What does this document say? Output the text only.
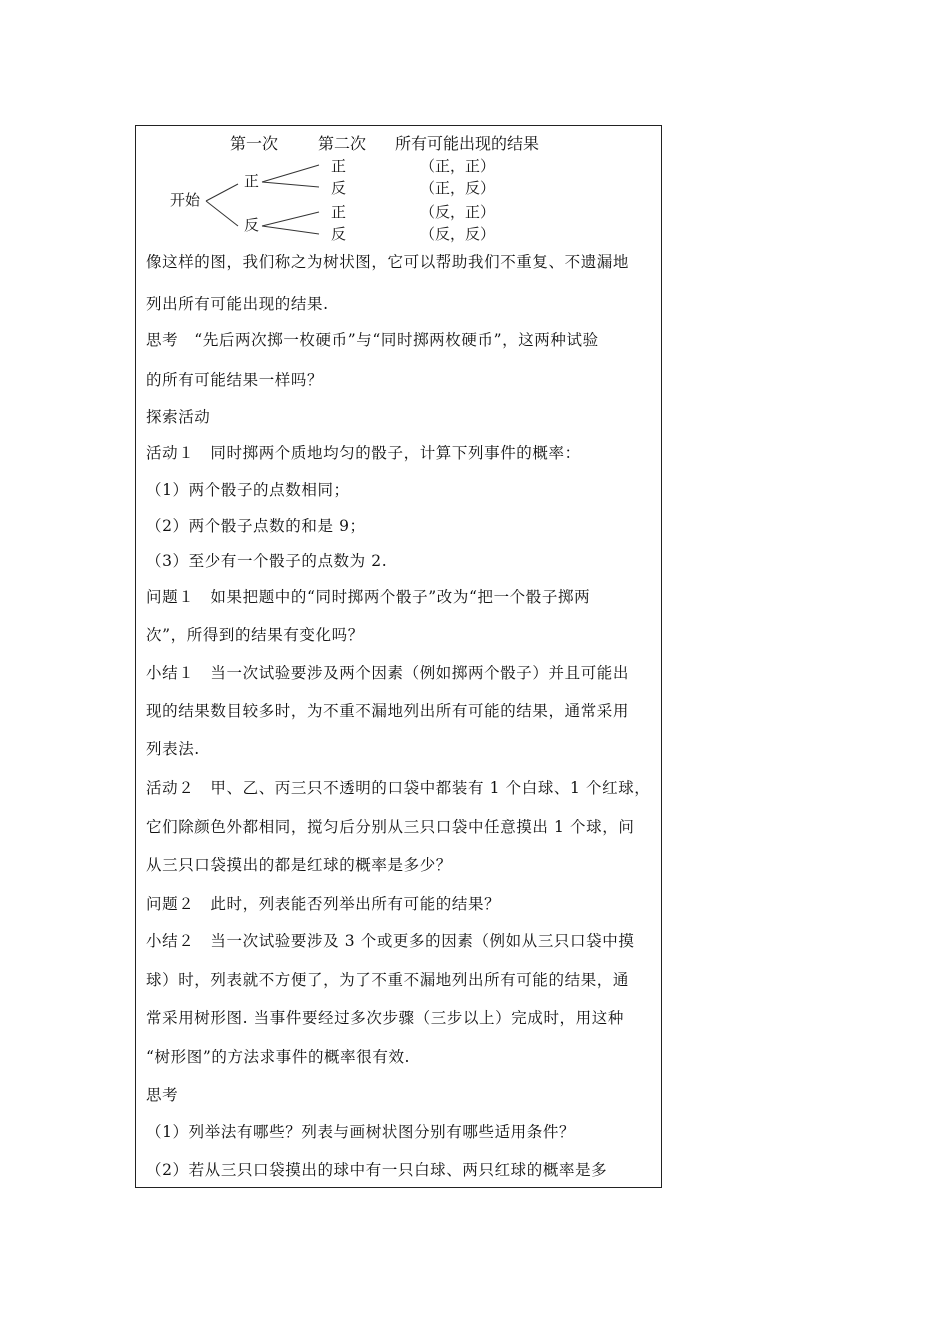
第一次 第二次 所有可能出现的结果
开始
正
反
正
反
正
反
（正，正）
（正，反）
（反，正）
（反，反）
像这样的图，我们称之为树状图，它可以帮助我们不重复、不遗漏地
列出所有可能出现的结果.
思考　“先后两次掷一枚硬币”与“同时掷两枚硬币”，这两种试验
的所有可能结果一样吗？
探索活动
活动１　同时掷两个质地均匀的骰子，计算下列事件的概率：
（1）两个骰子的点数相同；
（2）两个骰子点数的和是 9；
（3）至少有一个骰子的点数为 2.
问题１　如果把题中的“同时掷两个骰子”改为“把一个骰子掷两
次”，所得到的结果有变化吗？
小结１　当一次试验要涉及两个因素（例如掷两个骰子）并且可能出
现的结果数目较多时，为不重不漏地列出所有可能的结果，通常采用
列表法.
活动２　甲、乙、丙三只不透明的口袋中都装有 1 个白球、1 个红球，
它们除颜色外都相同，搅匀后分别从三只口袋中任意摸出 1 个球，问
从三只口袋摸出的都是红球的概率是多少？
问题２　此时，列表能否列举出所有可能的结果？
小结２　当一次试验要涉及 3 个或更多的因素（例如从三只口袋中摸
球）时，列表就不方便了，为了不重不漏地列出所有可能的结果，通
常采用树形图. 当事件要经过多次步骤（三步以上）完成时，用这种
“树形图”的方法求事件的概率很有效.
思考
（1）列举法有哪些？列表与画树状图分别有哪些适用条件？
（2）若从三只口袋摸出的球中有一只白球、两只红球的概率是多
